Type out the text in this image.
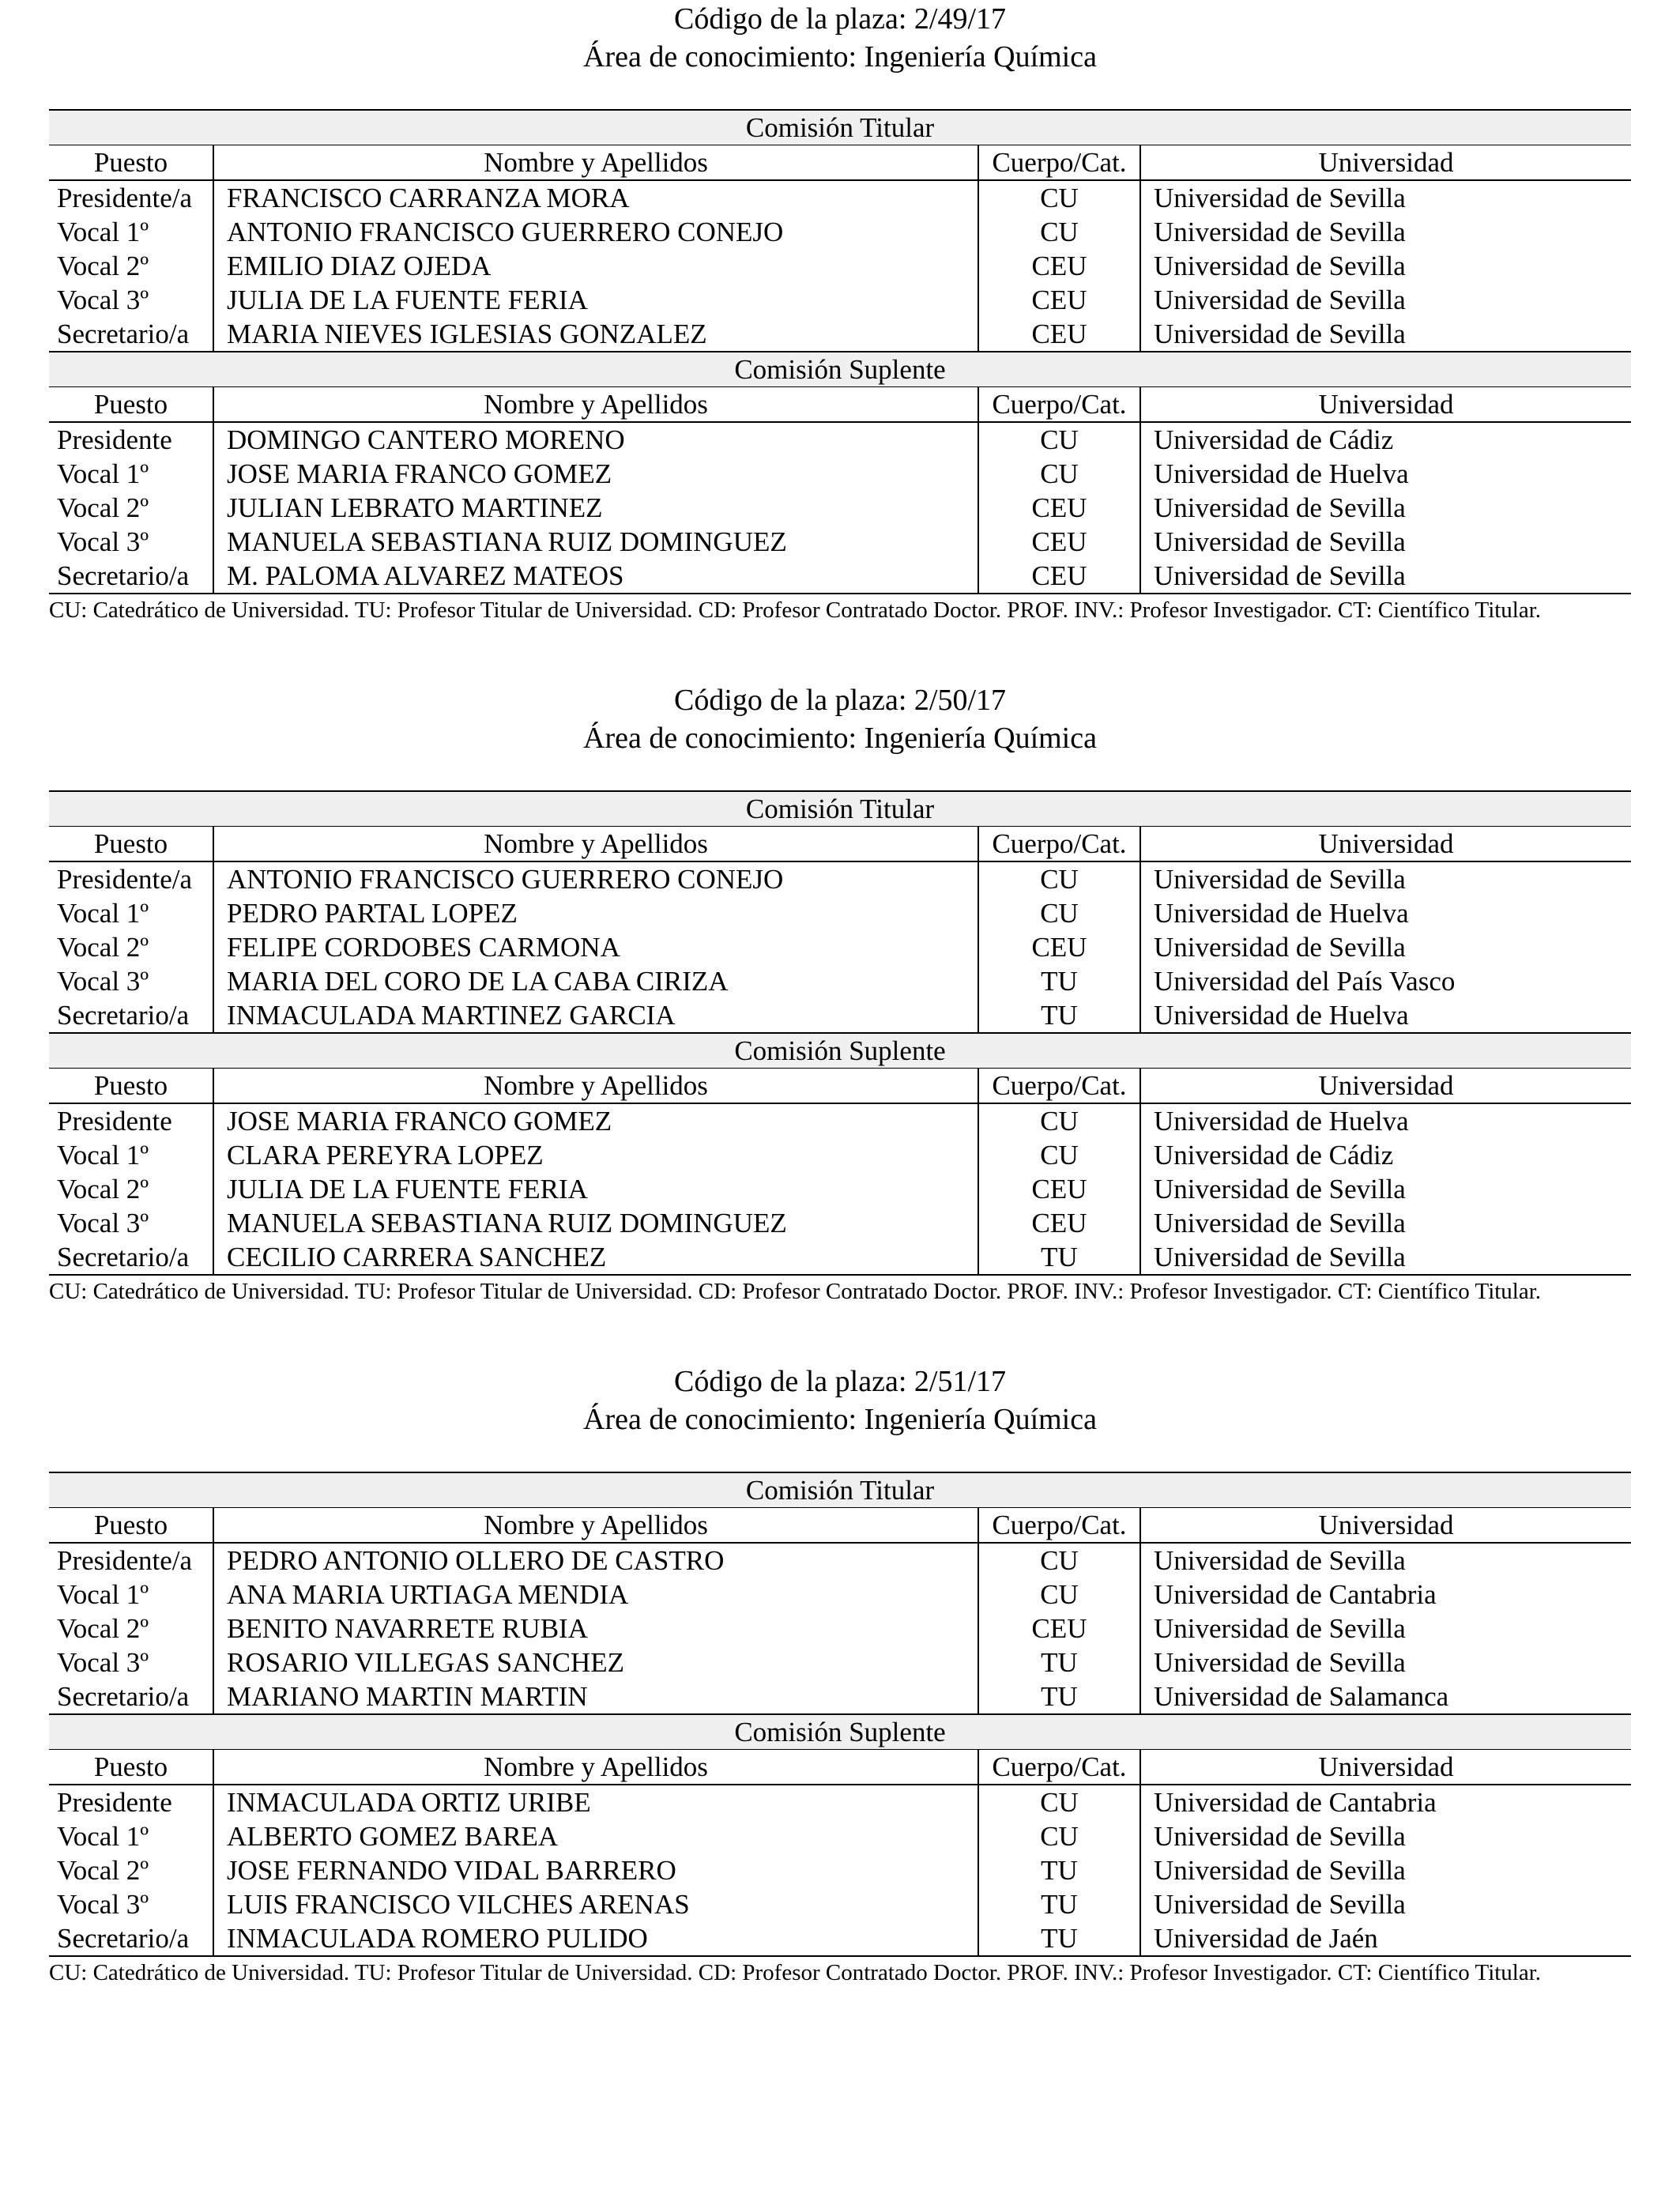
Código de la plaza: 2/49/17
Área de conocimiento: Ingeniería Química
Comisión Titular			
Puesto	Nombre y Apellidos	Cuerpo/Cat.	Universidad
Presidente/a	FRANCISCO CARRANZA MORA	CU	Universidad de Sevilla
Vocal 1º	ANTONIO FRANCISCO GUERRERO CONEJO	CU	Universidad de Sevilla
Vocal 2º	EMILIO DIAZ OJEDA	CEU	Universidad de Sevilla
Vocal 3º	JULIA DE LA FUENTE FERIA	CEU	Universidad de Sevilla
Secretario/a	MARIA NIEVES IGLESIAS GONZALEZ	CEU	Universidad de Sevilla
Comisión Suplente			
Puesto	Nombre y Apellidos	Cuerpo/Cat.	Universidad
Presidente	DOMINGO CANTERO MORENO	CU	Universidad de Cádiz
Vocal 1º	JOSE MARIA FRANCO GOMEZ	CU	Universidad de Huelva
Vocal 2º	JULIAN LEBRATO MARTINEZ	CEU	Universidad de Sevilla
Vocal 3º	MANUELA SEBASTIANA RUIZ DOMINGUEZ	CEU	Universidad de Sevilla
Secretario/a	M. PALOMA ALVAREZ MATEOS	CEU	Universidad de Sevilla
CU: Catedrático de Universidad. TU: Profesor Titular de Universidad. CD: Profesor Contratado Doctor. PROF. INV.: Profesor Investigador. CT: Científico Titular.
Código de la plaza: 2/50/17
Área de conocimiento: Ingeniería Química
Comisión Titular			
Puesto	Nombre y Apellidos	Cuerpo/Cat.	Universidad
Presidente/a	ANTONIO FRANCISCO GUERRERO CONEJO	CU	Universidad de Sevilla
Vocal 1º	PEDRO PARTAL LOPEZ	CU	Universidad de Huelva
Vocal 2º	FELIPE CORDOBES CARMONA	CEU	Universidad de Sevilla
Vocal 3º	MARIA DEL CORO DE LA CABA CIRIZA	TU	Universidad del País Vasco
Secretario/a	INMACULADA MARTINEZ GARCIA	TU	Universidad de Huelva
Comisión Suplente			
Puesto	Nombre y Apellidos	Cuerpo/Cat.	Universidad
Presidente	JOSE MARIA FRANCO GOMEZ	CU	Universidad de Huelva
Vocal 1º	CLARA PEREYRA LOPEZ	CU	Universidad de Cádiz
Vocal 2º	JULIA DE LA FUENTE FERIA	CEU	Universidad de Sevilla
Vocal 3º	MANUELA SEBASTIANA RUIZ DOMINGUEZ	CEU	Universidad de Sevilla
Secretario/a	CECILIO CARRERA SANCHEZ	TU	Universidad de Sevilla
CU: Catedrático de Universidad. TU: Profesor Titular de Universidad. CD: Profesor Contratado Doctor. PROF. INV.: Profesor Investigador. CT: Científico Titular.
Código de la plaza: 2/51/17
Área de conocimiento: Ingeniería Química
Comisión Titular			
Puesto	Nombre y Apellidos	Cuerpo/Cat.	Universidad
Presidente/a	PEDRO ANTONIO OLLERO DE CASTRO	CU	Universidad de Sevilla
Vocal 1º	ANA MARIA URTIAGA MENDIA	CU	Universidad de Cantabria
Vocal 2º	BENITO NAVARRETE RUBIA	CEU	Universidad de Sevilla
Vocal 3º	ROSARIO VILLEGAS SANCHEZ	TU	Universidad de Sevilla
Secretario/a	MARIANO MARTIN MARTIN	TU	Universidad de Salamanca
Comisión Suplente			
Puesto	Nombre y Apellidos	Cuerpo/Cat.	Universidad
Presidente	INMACULADA ORTIZ URIBE	CU	Universidad de Cantabria
Vocal 1º	ALBERTO GOMEZ BAREA	CU	Universidad de Sevilla
Vocal 2º	JOSE FERNANDO VIDAL BARRERO	TU	Universidad de Sevilla
Vocal 3º	LUIS FRANCISCO VILCHES ARENAS	TU	Universidad de Sevilla
Secretario/a	INMACULADA ROMERO PULIDO	TU	Universidad de Jaén
CU: Catedrático de Universidad. TU: Profesor Titular de Universidad. CD: Profesor Contratado Doctor. PROF. INV.: Profesor Investigador. CT: Científico Titular.
